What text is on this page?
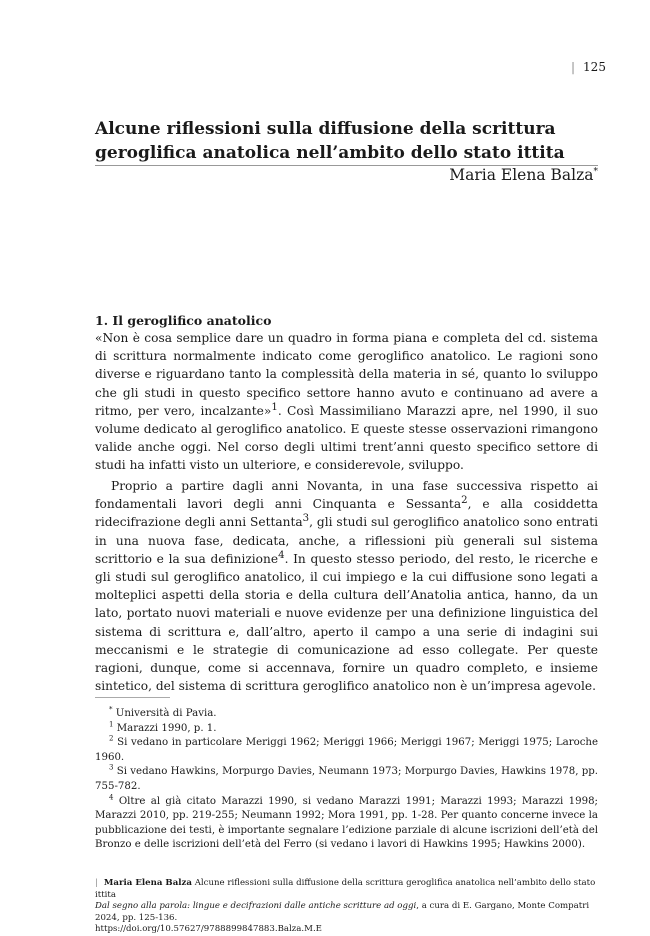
| 125
Alcune riflessioni sulla diffusione della scrittura geroglifica anatolica nell’ambito dello stato ittita
Maria Elena Balza*
1. Il geroglifico anatolico
«Non è cosa semplice dare un quadro in forma piana e completa del cd. sistema di scrittura normalmente indicato come geroglifico anatolico. Le ragioni sono diverse e riguardano tanto la complessità della materia in sé, quanto lo sviluppo che gli studi in questo specifico settore hanno avuto e continuano ad avere a ritmo, per vero, incalzante»$^1$. Così Massimiliano Marazzi apre, nel 1990, il suo volume dedicato al geroglifico anatolico. E queste stesse osservazioni rimangono valide anche oggi. Nel corso degli ultimi trent’anni questo specifico settore di studi ha infatti visto un ulteriore, e considerevole, sviluppo.
Proprio a partire dagli anni Novanta, in una fase successiva rispetto ai fondamentali lavori degli anni Cinquanta e Sessanta$^2$, e alla cosiddetta ridecifrazione degli anni Settanta$^3$, gli studi sul geroglifico anatolico sono entrati in una nuova fase, dedicata, anche, a riflessioni più generali sul sistema scrittorio e la sua definizione$^4$. In questo stesso periodo, del resto, le ricerche e gli studi sul geroglifico anatolico, il cui impiego e la cui diffusione sono legati a molteplici aspetti della storia e della cultura dell’Anatolia antica, hanno, da un lato, portato nuovi materiali e nuove evidenze per una definizione linguistica del sistema di scrittura e, dall’altro, aperto il campo a una serie di indagini sui meccanismi e le strategie di comunicazione ad esso collegate. Per queste ragioni, dunque, come si accennava, fornire un quadro completo, e insieme sintetico, del sistema di scrittura geroglifico anatolico non è un’impresa agevole.

* Università di Pavia.

$^1$ Marazzi 1990, p. 1.

$^2$ Si vedano in particolare Meriggi 1962; Meriggi 1966; Meriggi 1967; Meriggi 1975; Laroche 1960.

$^3$ Si vedano Hawkins, Morpurgo Davies, Neumann 1973; Morpurgo Davies, Hawkins 1978, pp. 755-782.

$^4$ Oltre al già citato Marazzi 1990, si vedano Marazzi 1991; Marazzi 1993; Marazzi 1998; Marazzi 2010, pp. 219-255; Neumann 1992; Mora 1991, pp. 1-28. Per quanto concerne invece la pubblicazione dei testi, è importante segnalare l’edizione parziale di alcune iscrizioni dell’età del Bronzo e delle iscrizioni dell’età del Ferro (si vedano i lavori di Hawkins 1995; Hawkins 2000).

| Maria Elena Balza Alcune riflessioni sulla diffusione della scrittura geroglifica anatolica nell’ambito dello stato ittita
Dal segno alla parola: lingue e decifrazioni dalle antiche scritture ad oggi, a cura di E. Gargano, Monte Compatri 2024, pp. 125-136.
https://doi.org/10.57627/9788899847883.Balza.M.E
